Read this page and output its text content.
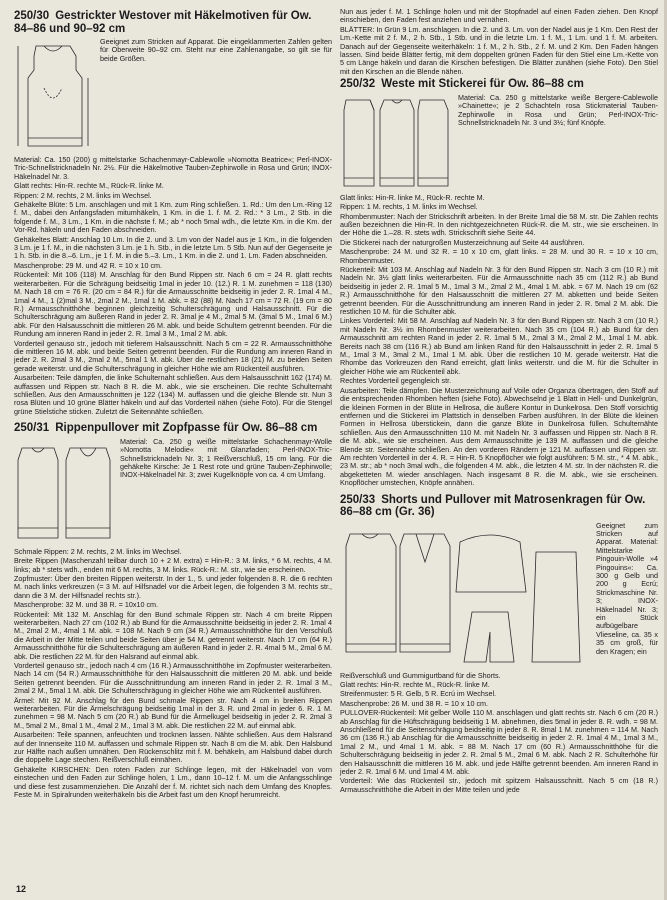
250/30 Gestrickter Westover mit Häkelmotiven für Ow. 84–86 und 90–92 cm
Geeignet zum Stricken auf Apparat. Die eingeklammerten Zahlen gelten für Oberweite 90–92 cm. Steht nur eine Zahlenangabe, so gilt sie für beide Größen.

Material: Ca. 150 (200) g mittelstarke Schachenmayr-Cablewolle »Nomotta Beatrice«; Perl-INOX-Tric-Schnellstricknadeln Nr. 2½. Für die Häkelmotive Tauben-Zephirwolle in Rosa und Grün; INOX-Häkelnadel Nr. 3.

Glatt rechts: Hin-R. rechte M., Rück-R. linke M.

Rippen: 2 M. rechts, 2 M. links im Wechsel.

Gehäkelte Blüte: 5 Lm. anschlagen und mit 1 Km. zum Ring schließen. 1. Rd.: Um den Lm.-Ring 12 f. M., dabei den Anfangsfaden mitumhäkeln, 1 Km. in die 1. f. M. 2. Rd.: * 3 Lm., 2 Stb. in die folgende f. M., 3 Lm., 1 Km. in die nächste f. M.; ab * noch 5mal wdh., die letzte Km. in die Km. der Vor-Rd. häkeln und den Faden abschneiden.

Gehäkeltes Blatt: Anschlag 10 Lm. In die 2. und 3. Lm von der Nadel aus je 1 Km., in die folgenden 3 Lm. je 1 f. M., in die nächsten 3 Lm. je 1 h. Stb., in die letzte Lm. 5 Stb. Nun auf der Gegenseite je 1 h. Stb. in die 8.–6. Lm., je 1 f. M. in die 5.–3. Lm., 1 Km. in die 2. und 1. Lm. Faden abschneiden.

Maschenprobe: 29 M. und 42 R. = 10 x 10 cm.

Rückenteil: Mit 106 (118) M. Anschlag für den Bund Rippen str. Nach 6 cm = 24 R. glatt rechts weiterarbeiten. Für die Schrägung beidseitig 1mal in jeder 10. (12.) R. 1 M. zunehmen = 118 (130) M. Nach 18 cm = 76 R. (20 cm = 84 R.) für die Armausschnitte beidseitig in jeder 2. R. 1mal 4 M., 1mal 4 M., 1 (2)mal 3 M., 2mal 2 M., 1mal 1 M. abk. = 82 (88) M. Nach 17 cm = 72 R. (19 cm = 80 R.) Armausschnitthöhe beginnen gleichzeitig Schulterschrägung und Halsausschnitt. Für die Schulterschrägung am äußeren Rand in jeder 2. R. 3mal je 4 M., 2mal 5 M. (3mal 5 M., 1mal 6 M.) abk. Für den Halsausschnitt die mittleren 26 M. abk. und beide Schultern getrennt beenden. Für die Rundung am inneren Rand in jeder 2. R. 1mal 3 M., 1mal 2 M. abk.

Vorderteil genauso str., jedoch mit tieferem Halsausschnitt. Nach 5 cm = 22 R. Armausschnitthöhe die mittleren 16 M. abk. und beide Seiten getrennt beenden. Für die Rundung am inneren Rand in jeder 2. R. 2mal 3 M., 2mal 2 M., 5mal 1 M. abk. Über die restlichen 18 (21) M. zu beiden Seiten gerade weiterstr. und die Schulterschrägung in gleicher Höhe wie am Rückenteil ausführen.

Ausarbeiten: Teile dämpfen, die linke Schulternaht schließen. Aus dem Halsausschnitt 162 (174) M. auffassen und Rippen str. Nach 8 R. die M. abk., wie sie erscheinen. Die rechte Schulternaht schließen. Aus den Armausschnitten je 122 (134) M. auffassen und die gleiche Blende str. Nun 3 rosa Blüten und 10 grüne Blätter häkeln und auf das Vorderteil nähen (siehe Foto). Für die Stengel grüne Stielstiche sticken. Zuletzt die Seitennähte schließen.

250/31 Rippenpullover mit Zopfpasse für Ow. 86–88 cm
Material: Ca. 250 g weiße mittelstarke Schachenmayr-Wolle »Nomotta Melodie« mit Glanzfaden; Perl-INOX-Tric-Schnellstricknadeln Nr. 3; 1 Reißverschluß, 15 cm lang. Für die gehäkelte Kirsche: Je 1 Rest rote und grüne Tauben-Zephirwolle; INOX-Häkelnadel Nr. 3; zwei Kugelknöpfe von ca. 4 cm Umfang.

Schmale Rippen: 2 M. rechts, 2 M. links im Wechsel.

Breite Rippen (Maschenzahl teilbar durch 10 + 2 M. extra) = Hin-R.: 3 M. links, * 6 M. rechts, 4 M. links; ab * stets wdh., enden mit 6 M. rechts, 3 M. links. Rück-R.: M. str., wie sie erscheinen.

Zopfmuster: Über den breiten Rippen weiterstr. In der 1., 5. und jeder folgenden 8. R. die 6 rechten M. nach links verkreuzen (= 3 M. auf Hilfsnadel vor die Arbeit legen, die folgenden 3 M. rechts str., dann die 3 M. der Hilfsnadel rechts str.).

Maschenprobe: 32 M. und 38 R. = 10x10 cm.

Rückenteil: Mit 132 M. Anschlag für den Bund schmale Rippen str. Nach 4 cm breite Rippen weiterarbeiten. Nach 27 cm (102 R.) ab Bund für die Armausschnitte beidseitig in jeder 2. R. 1mal 4 M., 2mal 2 M., 4mal 1 M. abk. = 108 M. Nach 9 cm (34 R.) Armausschnitthöhe für den Verschluß die Arbeit in der Mitte teilen und beide Seiten über je 54 M. getrennt weiterstr. Nach 17 cm (64 R.) Armausschnitthöhe für die Schulterschrägung am äußeren Rand in jeder 2. R. 4mal 5 M., 2mal 6 M. abk. Die restlichen 22 M. für den Halsrand auf einmal abk.

Vorderteil genauso str., jedoch nach 4 cm (16 R.) Armausschnitthöhe im Zopfmuster weiterarbeiten. Nach 14 cm (54 R.) Armausschnitthöhe für den Halsausschnitt die mittleren 20 M. abk. und beide Seiten getrennt beenden. Für die Ausschnittrundung am inneren Rand in jeder 2. R. 1mal 3 M., 2mal 2 M., 5mal 1 M. abk. Die Schulterschrägung in gleicher Höhe wie am Rückenteil ausführen.

Ärmel: Mit 92 M. Anschlag für den Bund schmale Rippen str. Nach 4 cm in breiten Rippen weiterarbeiten. Für die Ärmelschrägung beidseitig 1mal in der 3. R. und 2mal in jeder 6. R. 1 M. zunehmen = 98 M. Nach 5 cm (20 R.) ab Bund für die Ärmelkugel beidseitig in jeder 2. R. 2mal 3 M., 5mal 2 M., 8mal 1 M., 4mal 2 M., 1mal 3 M. abk. Die restlichen 22 M. auf einmal abk.

Ausarbeiten: Teile spannen, anfeuchten und trocknen lassen. Nähte schließen. Aus dem Halsrand auf der Innenseite 110 M. auffassen und schmale Rippen str. Nach 8 cm die M. abk. Den Halsbund zur Hälfte nach außen umnähen. Den Rückenschlitz mit f. M. behäkeln, am Halsbund dabei durch die doppelte Lage stechen. Reißverschluß einnähen.

Gehäkelte KIRSCHEN: Den roten Faden zur Schlinge legen, mit der Häkelnadel von vorn einstechen und den Faden zur Schlinge holen, 1 Lm., dann 10–12 f. M. um die Anfangsschlinge und diese fest zusammenziehen. Die Anzahl der f. M. richtet sich nach dem Umfang des Knopfes. Feste M. in Spiralrunden weiterhäkeln bis die Arbeit fast um den Knopf herumreicht.

Nun aus jeder f. M. 1 Schlinge holen und mit der Stopfnadel auf einen Faden ziehen. Den Knopf einschieben, den Faden fest anziehen und vernähen.

BLÄTTER: In Grün 9 Lm. anschlagen. In die 2. und 3. Lm. von der Nadel aus je 1 Km. Den Rest der Lm.-Kette mit 2 f. M., 2 h. Stb., 1 Stb. und in die letzte Lm. 1 f. M., 1 Lm. und 1 f. M. arbeiten. Danach auf der Gegenseite weiterhäkeln: 1 f. M., 2 h. Stb., 2 f. M. und 2 Km. Den Faden hängen lassen. Sind beide Blätter fertig, mit dem doppelten grünen Faden für den Stiel eine Lm.-Kette von 5 cm Länge häkeln und daran die Kirschen befestigen. Die Blätter zunähen (siehe Foto). Den Stiel mit den Kirschen an die Blende nähen.

250/32 Weste mit Stickerei für Ow. 86–88 cm
Material: Ca. 250 g mittelstarke weiße Bergere-Cablewolle »Chainette«; je 2 Schachteln rosa Stickmaterial Tauben-Zephirwolle in Rosa und Grün; Perl-INOX-Tric-Schnellstricknadeln Nr. 3 und 3½; fünf Knöpfe.

Glatt links: Hin-R. linke M., Rück-R. rechte M.

Rippen: 1 M. rechts, 1 M. links im Wechsel.

Rhombenmuster: Nach der Strickschrift arbeiten. In der Breite 1mal die 58 M. str. Die Zahlen rechts außen bezeichnen die Hin-R. In den nichtgezeichneten Rück-R. die M. str., wie sie erscheinen. In der Höhe die 1.–28. R. stets wdh. Strickschrift siehe Seite 44.

Die Stickerei nach der naturgroßen Musterzeichnung auf Seite 44 ausführen.

Maschenprobe: 24 M. und 32 R. = 10 x 10 cm, glatt links. = 28 M. und 30 R. = 10 x 10 cm, Rhombenmuster.

Rückenteil: Mit 103 M. Anschlag auf Nadeln Nr. 3 für den Bund Rippen str. Nach 3 cm (10 R.) mit Nadeln Nr. 3½ glatt links weiterarbeiten. Für die Armausschnitte nach 35 cm (112 R.) ab Bund beidseitig in jeder 2. R. 1mal 5 M., 1mal 3 M., 2mal 2 M., 4mal 1 M. abk. = 67 M. Nach 19 cm (62 R.) Armausschnitthöhe für den Halsausschnitt die mittleren 27 M. abketten und beide Seiten getrennt beenden. Für die Ausschnittrundung am inneren Rand in jeder 2. R. 5mal 2 M. abk. Die restlichen 10 M. für die Schulter abk.

Linkes Vorderteil: Mit 58 M. Anschlag auf Nadeln Nr. 3 für den Bund Rippen str. Nach 3 cm (10 R.) mit Nadeln Nr. 3½ im Rhombenmuster weiterarbeiten. Nach 35 cm (104 R.) ab Bund für den Armausschnitt am rechten Rand in jeder 2. R. 1mal 5 M., 2mal 3 M., 2mal 2 M., 1mal 1 M. abk. Bereits nach 38 cm (116 R.) ab Bund am linken Rand für den Halsausschnitt in jeder 2. R. 1mal 5 M., 1mal 3 M., 3mal 2 M., 1mal 1 M. abk. Über die restlichen 10 M. gerade weiterstr. Hat die Rhombe das Vorkreuzen den Rand erreicht, glatt links weiterstr. und die M. für die Schulter in gleicher Höhe wie am Rückenteil abk.

Rechtes Vorderteil gegengleich str.

Ausarbeiten: Teile dämpfen. Die Musterzeichnung auf Voile oder Organza übertragen, den Stoff auf die entsprechenden Rhomben heften (siehe Foto). Abwechselnd je 1 Blatt in Hell- und Dunkelgrün, die kleinen Formen in der Blüte in Hellrosa, die äußere Kontur in Dunkelrosa. Den Stoff vorsichtig entfernen und die Stickerei im Plattstich in denselben Farben ausführen. In der Blüte die kleinen Formen in Hellrosa überstickein, dann die ganze Blüte in Dunkelrosa füllen. Schulternähte schließen. Aus den Armausschnitten 110 M. mit Nadeln Nr. 3 auffassen und Rippen str. Nach 8 R. die M. abk., wie sie erscheinen. Aus dem Armausschnitte je 139 M. auffassen und die gleiche Blende str. Seitennähte schließen. An den vorderen Rändern je 121 M. auffassen und Rippen str. Am rechten Vorderteil in der 4. R. = Hin-R. 5 Knopflöcher wie folgt ausführen: 5 M. str., * 4 M. abk., 23 M. str.; ab * noch 3mal wdh., die folgenden 4 M. abk., die letzten 4 M. str. In der nächsten R. die abgeketteten M. wieder anschlagen. Nach insgesamt 8 R. die M. abk., wie sie erscheinen. Knopflöcher umstechen, Knöpfe annähen.

250/33 Shorts und Pullover mit Matrosenkragen für Ow. 86–88 cm (Gr. 36)
Geeignet zum Stricken auf Apparat. Material: Mittelstarke Pingouin-Wolle »4 Pingouins«: Ca. 300 g Gelb und 200 g Ecrú; Strickmaschine Nr. 3; INOX-Häkelnadel Nr. 3; ein Stück aufbügelbare Vlieseline, ca. 35 x 35 cm groß, für den Kragen; ein

Reißverschluß und Gummigurtband für die Shorts.

Glatt rechts: Hin-R. rechte M., Rück-R. linke M.

Streifenmuster: 5 R. Gelb, 5 R. Ecrú im Wechsel.

Maschenprobe: 26 M. und 38 R. = 10 x 10 cm.

PULLOVER-Rückenteil: Mit gelber Wolle 110 M. anschlagen und glatt rechts str. Nach 6 cm (20 R.) ab Anschlag für die Hüftschrägung beidseitig 1 M. abnehmen, dies 5mal in jeder 8. R. wdh. = 98 M. Anschließend für die Seitenschrägung beidseitig in jeder 8. R. 8mal 1 M. zunehmen = 114 M. Nach 36 cm (136 R.) ab Anschlag für die Armausschnitte beidseitig in jeder 2. R. 1mal 4 M., 1mal 3 M., 1mal 2 M., und 4mal 1 M. abk. = 88 M. Nach 17 cm (60 R.) Armausschnitthöhe für die Schulterschrägung beidseitig in jeder 2. R. 2mal 5 M., 2mal 6 M. abk. Nach 2 R. Schulterhöhe für den Halsausschnitt die mittleren 16 M. abk. und jede Hälfte getrennt beenden. Am inneren Rand in jeder 2. R. 1mal 6 M. und 1mal 4 M. abk.

Vorderteil: Wie das Rückenteil str., jedoch mit spitzem Halsausschnitt. Nach 5 cm (18 R.) Armausschnitthöhe die Arbeit in der Mitte teilen und jede

12
